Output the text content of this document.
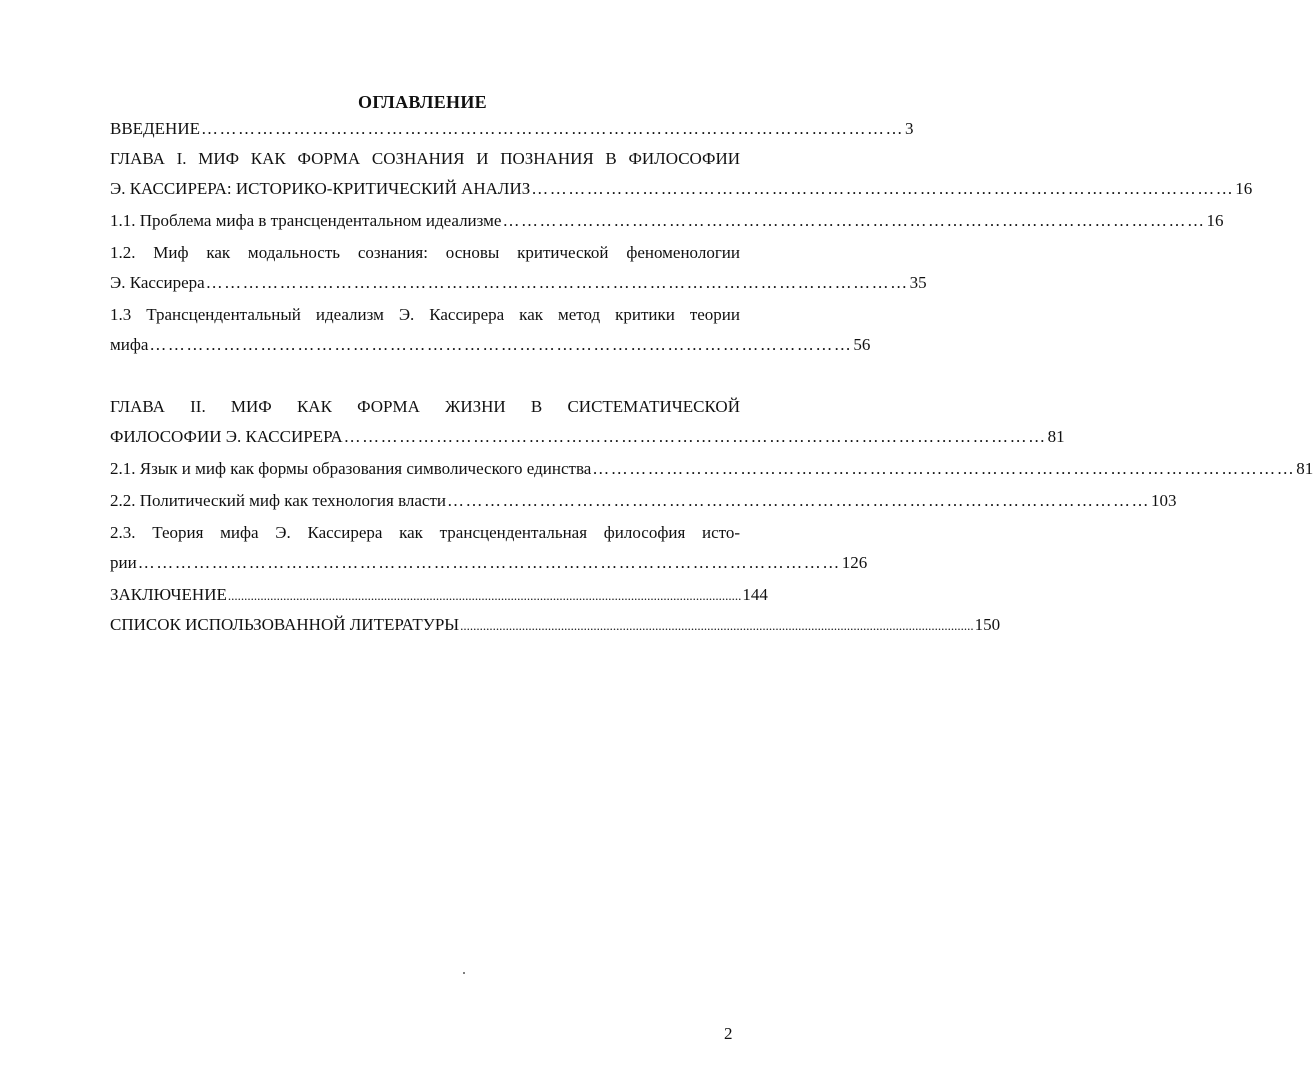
ОГЛАВЛЕНИЕ
ВВЕДЕНИЕ …………………………………………………………………………………………………… 3
ГЛАВА I. МИФ КАК ФОРМА СОЗНАНИЯ И ПОЗНАНИЯ В ФИЛОСОФИИ
Э. КАССИРЕРА: ИСТОРИКО-КРИТИЧЕСКИЙ АНАЛИЗ …………………………………………………………………………………………………… 16
1.1. Проблема мифа в трансцендентальном идеализме …………………………………………………………………………………………………… 16
1.2. Миф как модальность сознания: основы критической феноменологии
Э. Кассирера …………………………………………………………………………………………………… 35
1.3 Трансцендентальный идеализм Э. Кассирера как метод критики теории
мифа …………………………………………………………………………………………………… 56
ГЛАВА II. МИФ КАК ФОРМА ЖИЗНИ В СИСТЕМАТИЧЕСКОЙ
ФИЛОСОФИИ Э. КАССИРЕРА …………………………………………………………………………………………………… 81
2.1. Язык и миф как формы образования символического единства …………………………………………………………………………………………………… 81
2.2. Политический миф как технология власти …………………………………………………………………………………………………… 103
2.3. Теория мифа Э. Кассирера как трансцендентальная философия исто-
рии …………………………………………………………………………………………………… 126
ЗАКЛЮЧЕНИЕ .............................................................................................................................................................. 144
СПИСОК ИСПОЛЬЗОВАННОЙ ЛИТЕРАТУРЫ .............................................................................................................................................................. 150
2
